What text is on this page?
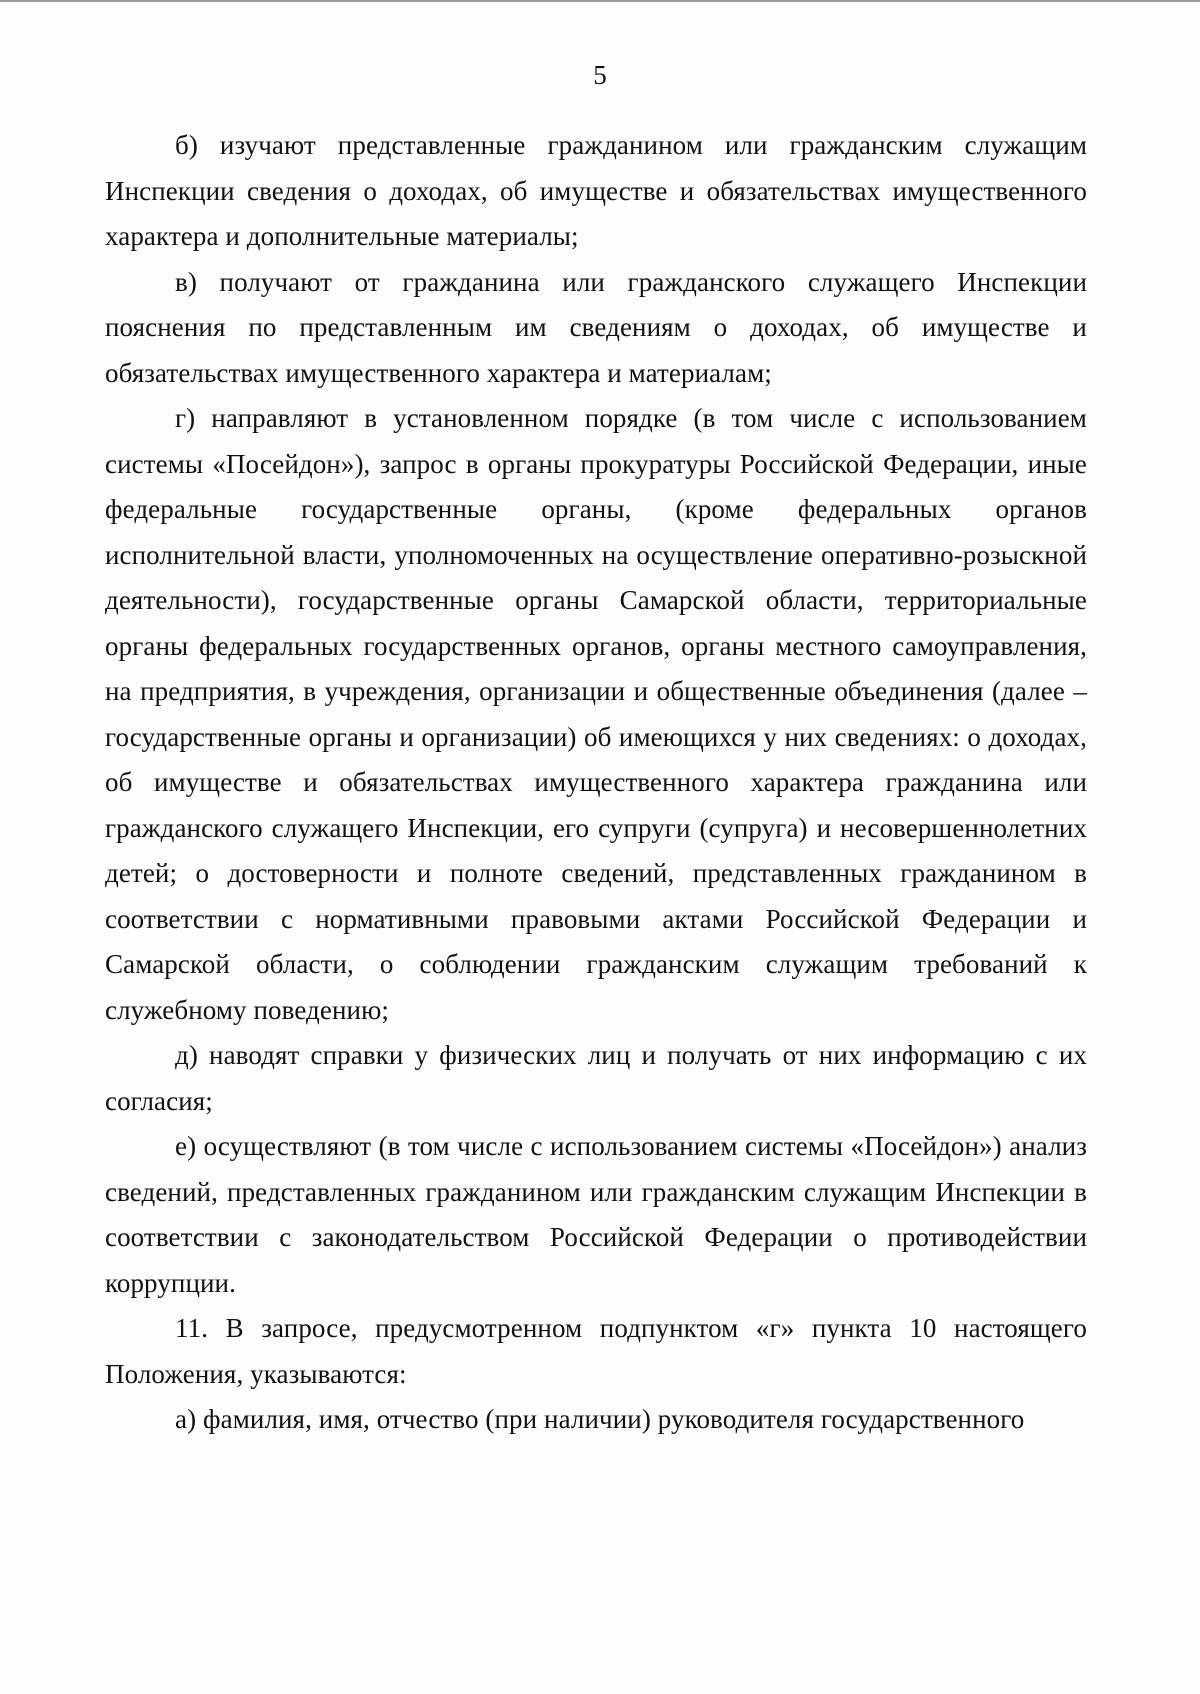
5

б) изучают представленные гражданином или гражданским служащим Инспекции сведения о доходах, об имуществе и обязательствах имущественного характера и дополнительные материалы;

в) получают от гражданина или гражданского служащего Инспекции пояснения по представленным им сведениям о доходах, об имуществе и обязательствах имущественного характера и материалам;

г) направляют в установленном порядке (в том числе с использованием системы «Посейдон»), запрос в органы прокуратуры Российской Федерации, иные федеральные государственные органы, (кроме федеральных органов исполнительной власти, уполномоченных на осуществление оперативно-розыскной деятельности), государственные органы Самарской области, территориальные органы федеральных государственных органов, органы местного самоуправления, на предприятия, в учреждения, организации и общественные объединения (далее – государственные органы и организации) об имеющихся у них сведениях: о доходах, об имуществе и обязательствах имущественного характера гражданина или гражданского служащего Инспекции, его супруги (супруга) и несовершеннолетних детей; о достоверности и полноте сведений, представленных гражданином в соответствии с нормативными правовыми актами Российской Федерации и Самарской области, о соблюдении гражданским служащим требований к служебному поведению;

д) наводят справки у физических лиц и получать от них информацию с их согласия;

е) осуществляют (в том числе с использованием системы «Посейдон») анализ сведений, представленных гражданином или гражданским служащим Инспекции в соответствии с законодательством Российской Федерации о противодействии коррупции.

11. В запросе, предусмотренном подпунктом «г» пункта 10 настоящего Положения, указываются:

а) фамилия, имя, отчество (при наличии) руководителя государственного
